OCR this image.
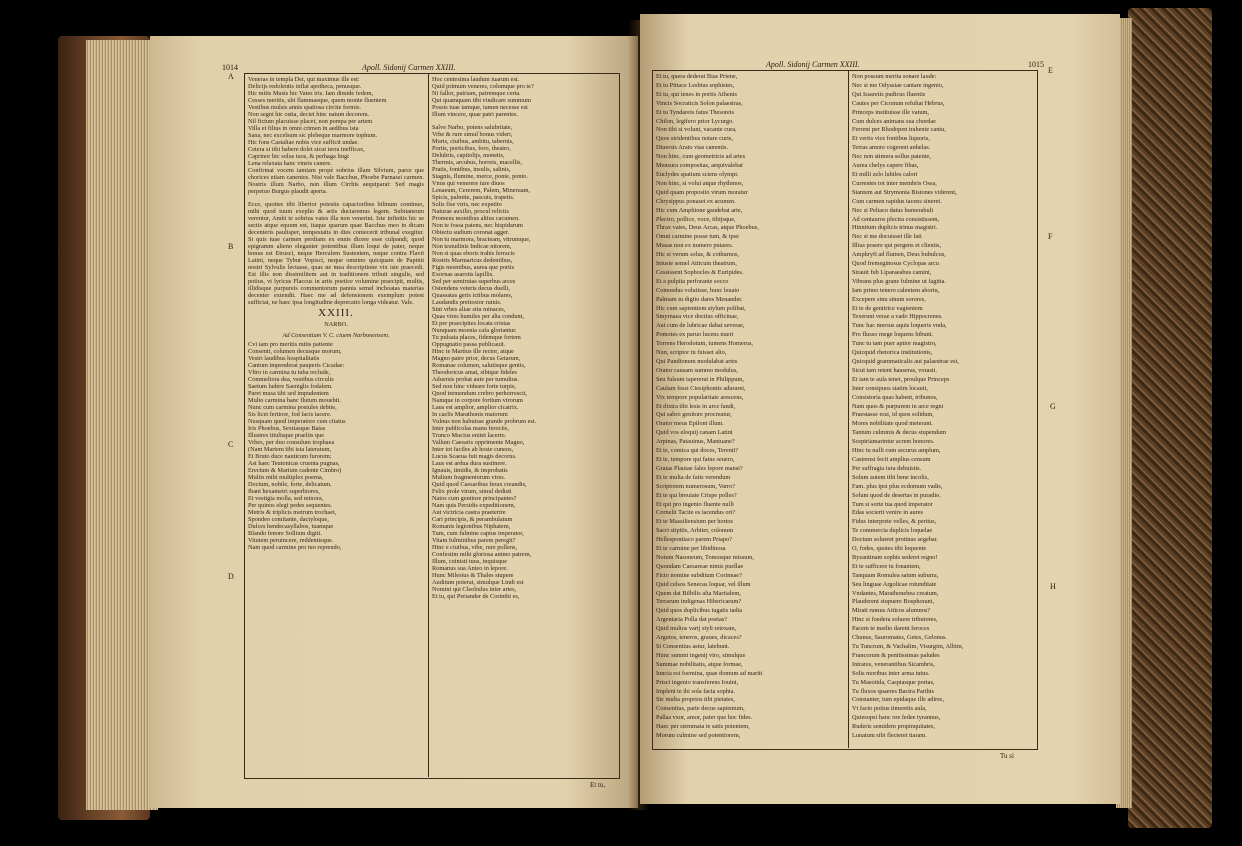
1014	Apoll. Sidonij Carmen XXIII.
A
B
C
D

Veneras in templa Dei, qui maximus ille est:

Delicijs redolentis inflat apotheca, penusque.

Hic mitis Musis hic Vates iris. Iam dimide fedem,

Cesses meritis, ubi flammaeque, quem monte fluentem

Vestibus mulsis annis spatiosa circite formis.

Non segni hic ostia, deciet hinc natum decorem.

Nil fictum placuisse placet, non pompa per artem

Villa et filius in omni crimen in aedibus ista

Sana, nec excelsum sic plebeque marmore tophum.

Hic fons Castaliae nobis vice sufficit undae.

Cetera si tibi habere dolet sicut terra inefficax,

Caprinor hic solus tuos, & perhaga lingi

Lena relaxata hanc vineis canere.

Confirmat vocem iamiam propè sobrius illam Silvium, parce que chorices etiam canentes. Nisi vale Bacchus, Phoebe Parnassi carmen. Nostris illum Narbo, non illum Cirrhis aequiparat: Sed magis perpetuo Burgus plaudit aperta.

Ecce, quoties tibi liberior potestis capacioribus bilinum continuo, mihi quod tuum exeplio & artis duciaremus legem. Subitaneum verentur, Ambi te sobrius vates illa non venerint. Iste infinitis hic se sectis atque equum est, itaque quarum quae Bacchus meo in dicam decenteris paulisper, tempestatis in dies coniecerit tribunal exegitur. Si quis tuae carmen perdians ex ennis dicere esse culpandi, quod epigramm alieno eleganter potentibus illum loqui de pater, neque bonus est Etrusci, neque Herculem Sustentem, neque contra Flavii Latini, neque Tybur Vopisci, neque omnino quicquam de Papinii nostri Sylvulis lectasse, quas ne mea descriptione vix iste praecedi. Est illis non dissimilitem aut in traditionem tribuit singulis, sed potius, vt lyricus Flaccus in artis poetice volumine praecipit, multis, illidisque purpureis commentorum pannis semel inchoatas materias decenter extendit. Haec me ad defensionem exemplum potest sufficiat, ne haec ipsa longitudine deprecatio longa videatur. Vale.

XXIII.
NARBO.
Ad Consentium V. C. ciuem Narbonensem.

Cvi iam pro meritis mitis patiente

Consenti, columen decusque morum,

Vestri laudibus hospitalitatis

Cantum impenderat pauperis Cicadae:

Vltro in carmina tu tuba reclude,

Commeliora dea, vestibus circulis

Saetum ludere Saeniglis fodalem.

Paret musa tibi sed impudentem

Multo carmina hanc flutum mouebit.

Nunc cum carmina postules debite,

Sis licet fertiore, fod facis tacere.

Nusquam quod imperatore cum citatus

Iris Phoebus, Sextiasque Baias

Illustres titulisque praeliis que

Vrbes, per duo consulum trophaea

(Nam Martem tibi ista lateratum,

Et Bruto duce nauticum furorem;

Ast haec Teutonicas cruenta pugnas,

Erectum & Marium cadente Cimbro)

Multis mihi multiplex poema,

Doctum, nobile, forte, delicatum.

Ibant hexametri superbiores,

Et vestigia molla, sed minora,

Per quinos elegi pedes sequentes.

Metris & triplicis metrum trochaei,

Spondeo comitante, dactyloque,

Dulces hendecasyllabos, tuamque

Blando fenore Sollium digiti.

Vitutem peruincere, reddentisque.

Nam quod carmine pro tuo reprendo,

Hoc centesima laudum iuarum est.

Quid primum veneres, columque pro te?

Ni fallor, patriam, patremque certa.

Qui quamquam tibi vindicare summum

Possis tuae iamque, tamen necesse est

Illum vincere, quae patri parentes.

Salve Narbo, potens salubritate,

Vrbe & rure simul bonus videri,

Muris, ciuibus, ambitu, tabernis,

Portis, porticibus, foro, theatro,

Delubris, capitolijs, monetis,

Thermis, arcubus, horreis, macellis,

Pratis, fontibus, insulis, salinis,

Stagnis, flumine, merce, ponte, ponto.

Vnus qui venerere iure diuos

Lenaeum, Cererem, Palem, Mineruam,

Spicis, palmite, pascuis, trapetis.

Solis fise viris, nec expetito

Naturae auxilio, procul relictis

Promens montibus altius cacumen.

Non te fossa patens, nec hispidarum

Obiectu sudium coronat agger.

Non tu marmora, bracteam, vitrumque,

Non testudinis Indicae nitorem,

Non si quas eboris trahis ferracis

Rostris Marmaricus dedentibus,

Figis moenibus, aurea que portis

Exornas asarotis lapillis.

Sed per semirutas superbus arces

Ostendens veteris decus duelli,

Quassatas geris ictibus molares,

Laudandis pretiosior ruinis.

Sint vrbes aliae situ minaces,

Quas vires humiles per alta condunt,

Et per praecipites locata cristas

Nunquam moenia cafa gloriantur.

Tu pulsata places, fidemque fortem

Oppugnatio passa publicauit.

Hinc te Martius ille rector, atque

Magno patre prior, decus Getarum,

Romanae columen, salutisque gentis,

Theodoricus amat, sibique fideles

Aduersis probat aute per tumultus.

Sed non hinc videare forte turpis,

Quod tremendum crebro perhorrescit,

Namque in corpore fortium virorum

Laus est amplior, amplior cicatrix.

In caelis Marathonis maiorum

Vulnus non habuisse grande probrum est.

Inter publicolas manu ferociis,

Trunco Mucius enitet lacerto.

Vallum Caesaris opprimente Magno,

Inter tot faciles ab hoste cuneos,

Lucus Scaeua fuit magis decorus.

Laus est ardua dura sustinere.

Ignauis, timidis, & improbatis

Multum fragmentorum vires.

Quid quod Caesaribus ferax creandis,

Felix prole virum, simul dedisti

Natos cum genitore principantes?

Nam quis Persidis expeditionem,

Aut victricia castra praeterire

Cari principis, & perambulatum

Romanis legionibus Niphatem,

Tum, cum fulmine captus imperator,

Vitam fulminibus parem peregit?

Hinc e ciuibus, vibe, rure pollens,

Confestim mihi gloriosa animo patrem,

Illum, cuinisti tuus, inquisque

Romanus sua Anteo in lepore.

Hunc Milesius & Thales stupere

Auditum poterat, simulque Lindi est

Nomini qui Cleobulus inter artes,

Et tu, qui Periander de Corinthi es,

Et tu,
Apoll. Sidonij Carmen XXIII.	1015
E
F
G
H

Et tu, quera dederat Bias Priene,

Et tu Pittace Lesbius sophistes,

Et tu, qui tenes in portis Athenis

Vincis Socraticis Solon palaestras,

Et tu Tyndareis fatus Thesoreis

Chilon, legifero prior Lycurgo.

Non tibi si volunt, vacante cura,

Quos stridentibus notare curis,

Diuersis Arato vias canentis.

Non hinc, cum geometricis ad artes

Mensura compositas, aequivalebat

Euclydes spatium sciens olympi.

Non hinc, si volui atque rhythmos,

Quid quam proposito virum moratur

Chrysippus ponaset ex acumen.

Hic cum Amphione gaudebat arte,

Plectro, pollice, voce, tibijsque,

Thrax vates, Deus Arcas, atque Phoebus,

Omni carmine posse tum, & ipse

Musas non ex numero putares.

Hic si verum solus, & cothurnos,

Iniuste semel Atticum theatrum,

Cessissent Sophocles & Euripides.

Et a pulpita perforante socco

Comoedus volutisse, hunc leuato

Palmam tu digito dares Menander.

Hic cum sapientiem stylum polibat,

Smyrnaea vice doctius officinae,

Aut cum de lubricae dabat severae,

Pomotes ex paruo lucens nueri

Torrens Herodotum, tumens Homerus,

Nun, scriptor tu fuisset alio,

Qui Pandionum modulabat artes

Orator causam summo modulus,

Seu fulsum tapererat in Philippum,

Caulam fessi Ctesiphontis aduraret,

Vix tempore popularitate arescens,

Et dixtra tibi lesis in arce fandi,

Qui sabro genitore procreatur,

Orator meus Epiloni illum.

Quid vos eloquij canam Latini

Arpinas, Patauinus, Mantuane?

Et te, comica qui doces, Terenti?

Et te, tempore qui fatus seuero,

Gratas Plautae fales lepore mansi?

Et te multa de fatis verendum

Scriptorem numerosum, Varro?

Et te qui breuiate Crispe polles?

Et qui pro ingenio fluente nulli

Cornelii Tacite es tacendus ori?

Et te Massiliensium per hortos

Sacri stipitis, Arbiter, colonum

Hellespontiaco parem Priapo?

Et te carmine per libidinosa

Notum Nasoneum, Tomosque missum,

Quondam Caesareae nimis puellae

Ficto nomine subditum Corinnae?

Quid celsos Senecas loquar, vel illum

Quem dat Bilbilis alta Martialem,

Terrarum indigenas Hibericarum?

Quid quos duplicibus iugatis tadia

Argentaria Polla dat poetas?

Quid multos varij styli retexam,

Argutos, teneros, graues, dicaces?

Si Consentius astur, latebunt.

Hunc summi ingenij viro, simulque

Summae nobilitatis, atque formae,

Iuncta est foemina, quae domum ad mariti

Prisci ingenio transferens Iouini,

Implent te ibi sola facta sophia.

Sic multa proprios tibi pietates,

Consentius, parte decus sapientum,

Pallas vxor, amor, pater que hoc fides.

Haec per stemmata te satis potentem,

Morum culmine sed potentiorem,

Non possum merita sonare laude:

Nec si me Odyssiae cantare ingenio,

Qui Issaretis pudicus fluentis

Cautes per Ciconum refultat Hebrus,

Princeps instituisse ille vatum,

Cum dulces animans sua chordae

Ferrent per Rhodopen trahente cantu,

Et vertis vice fontibus liquoris,

Terras amore cogerent anhelas.

Nec non stimera sollus patente,

Aurea chelys capere fibas,

Et milli zelo lubiles calori

Currentes tot inter membris Ossa,

Stantem aut Strymonia Bistones viderent,

Cum carmen rapidus tacens sineret.

Nec si Peliaco datus humerabuli

Ad centauros plectra consistissem,

Hinnitum duplicis trinus magistri.

Nec si me docuisset ille fati

Illius posere qui pergens et clientis,

Amphryfi ad flumen, Deus bubulcus,

Quod fremeginosus Cyclopas arcu

Strauit fub Liparaeabus camini,

Vibrans plus grane fulmine ut fagitta.

Iam primo tenero calentem abortu,

Excepere sinu sinum sorores,

Et te de genitrice vagientem

Texerunt verae a vado Hippocrenes.

Tunc hac mersus aquis loqueris vnda,

Pro flusso mege loquens bibunt.

Tunc tu tam puer aptior magistro,

Quicquid rhetorica institutionis,

Quicquid grammaticalis aut palaestrae est,

Sicut tam retent hauseras, vorasti.

Et iam te aula tenet, proulque Princeps

Inter consipuos statim locauit,

Consistoria quas habent, tribunos,

Nam quos & purpurem in arce regni

Praestasse essi, id quos solidum,

Mores nobilitate quod meterant.

Tantum culminis & decus stupendum

Sceptriamarintur acrem honores.

Hinc tu nulli cum securus amplum,

Castrensi fecit amplius censum

Per suffragia iura debuistis.

Solum autem tibi bene incolis,

Fam. plus ipsi plus ecdomum vadis,

Solum quod de desertas in puradio.

Tum si sorte tua quod imperator

Edas socierit venire in aures

Fidus interprete velles, & peritus,

Te commercia duplicis loquelae

Doctum solueret protinus segebar.

O, fodes, quotes tibi loquente

Byzantinam sophis sederet regno!

Et te sufficere tu fonantem,

Tanquam Romulea satum suburra,

Seu linguae Argolicae rotunditate

Vndantes, Marathonebea creatum,

Plauderent stupuere Bosphorani,

Mirati rumus Atticos alumnos?

Hinc si foedera soluere tributores,

Pacem te medio darent feroces

Chunus, Sauromates, Getes, Gelonus.

Tu Tuncrum, & Vachalim, Visurgim, Albim,

Francorum & penitissimas paludes

Intrares, venerantibus Sicambris,

Solis moribus inter arma tutus.

Tu Maeotida, Caspiasque portas,

Tu fluxos quaeres Bactra Parthis

Constanter, tum epidaque ille adires,

Vt facto potius timeretis aula,

Quiesopsi hanc ore fedee tyrannus,

Ruderis semidem propinquitates,

Lunatum sibi flecteret tiaram.

Tu si
